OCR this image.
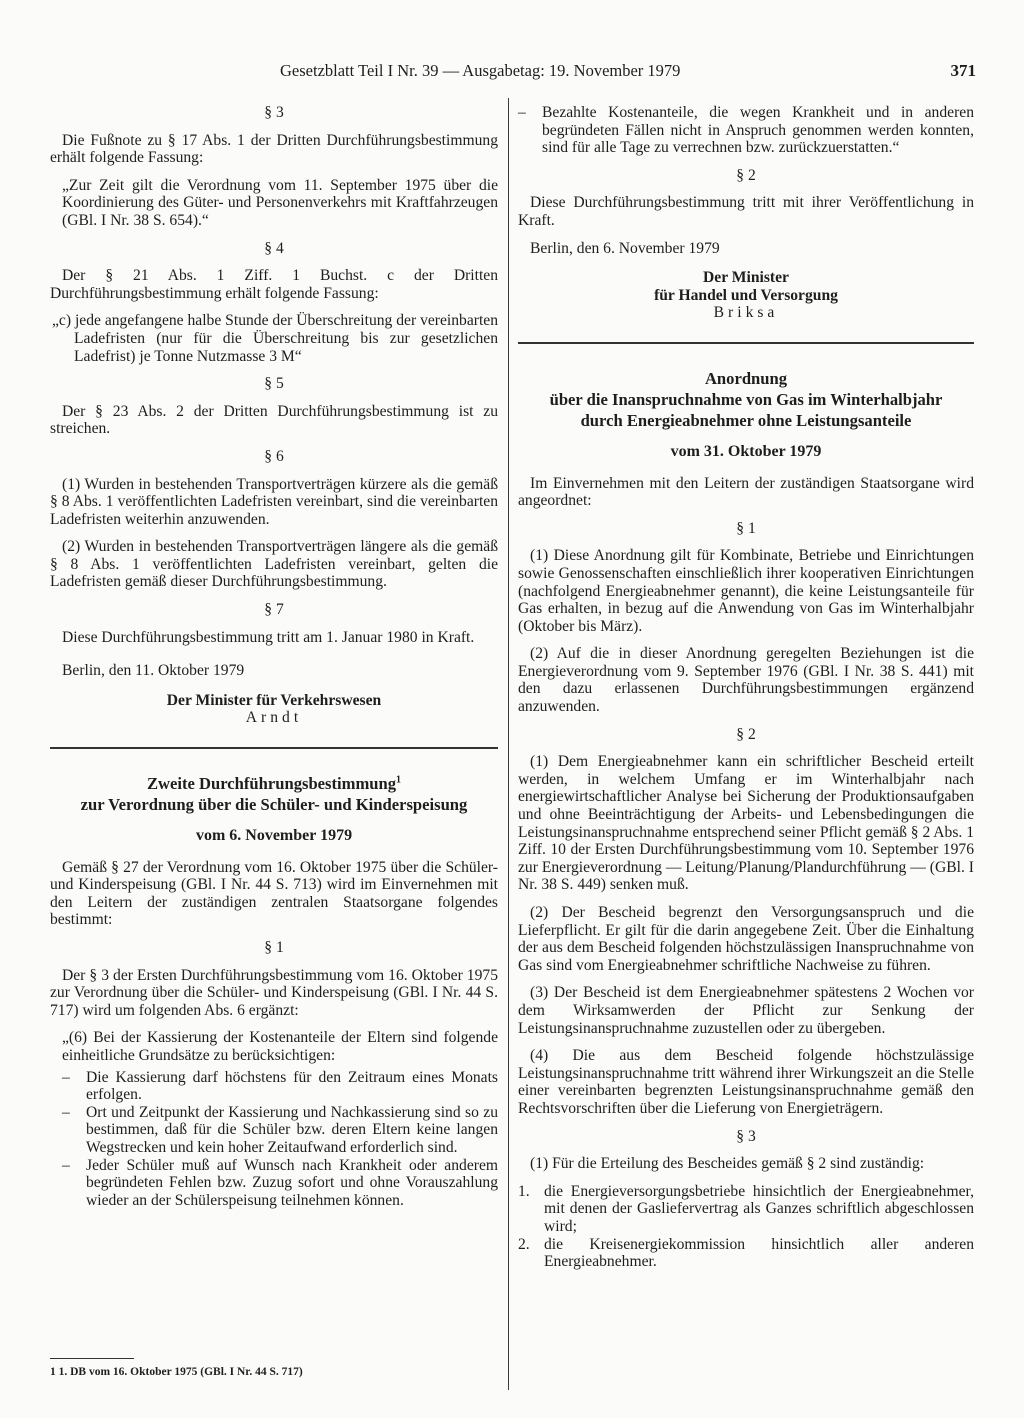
Gesetzblatt Teil I Nr. 39 — Ausgabetag: 19. November 1979	371
§ 3

Die Fußnote zu § 17 Abs. 1 der Dritten Durchführungsbestimmung erhält folgende Fassung:

„Zur Zeit gilt die Verordnung vom 11. September 1975 über die Koordinierung des Güter- und Personenverkehrs mit Kraftfahrzeugen (GBl. I Nr. 38 S. 654).“
§ 4

Der § 21 Abs. 1 Ziff. 1 Buchst. c der Dritten Durchführungsbestimmung erhält folgende Fassung:

„c) jede angefangene halbe Stunde der Überschreitung der vereinbarten Ladefristen (nur für die Überschreitung bis zur gesetzlichen Ladefrist) je Tonne Nutzmasse 3 M“
§ 5

Der § 23 Abs. 2 der Dritten Durchführungsbestimmung ist zu streichen.

§ 6

(1) Wurden in bestehenden Transportverträgen kürzere als die gemäß § 8 Abs. 1 veröffentlichten Ladefristen vereinbart, sind die vereinbarten Ladefristen weiterhin anzuwenden.

(2) Wurden in bestehenden Transportverträgen längere als die gemäß § 8 Abs. 1 veröffentlichten Ladefristen vereinbart, gelten die Ladefristen gemäß dieser Durchführungsbestimmung.

§ 7

Diese Durchführungsbestimmung tritt am 1. Januar 1980 in Kraft.

Berlin, den 11. Oktober 1979

Der Minister für Verkehrswesen
Arndt
Zweite Durchführungsbestimmung$^1$
zur Verordnung über die Schüler- und Kinderspeisung
vom 6. November 1979

Gemäß § 27 der Verordnung vom 16. Oktober 1975 über die Schüler- und Kinderspeisung (GBl. I Nr. 44 S. 713) wird im Einvernehmen mit den Leitern der zuständigen zentralen Staatsorgane folgendes bestimmt:

§ 1

Der § 3 der Ersten Durchführungsbestimmung vom 16. Oktober 1975 zur Verordnung über die Schüler- und Kinderspeisung (GBl. I Nr. 44 S. 717) wird um folgenden Abs. 6 ergänzt:

„(6) Bei der Kassierung der Kostenanteile der Eltern sind folgende einheitliche Grundsätze zu berücksichtigen:
– Die Kassierung darf höchstens für den Zeitraum eines Monats erfolgen.
– Ort und Zeitpunkt der Kassierung und Nachkassierung sind so zu bestimmen, daß für die Schüler bzw. deren Eltern keine langen Wegstrecken und kein hoher Zeitaufwand erforderlich sind.
– Jeder Schüler muß auf Wunsch nach Krankheit oder anderem begründeten Fehlen bzw. Zuzug sofort und ohne Vorauszahlung wieder an der Schülerspeisung teilnehmen können.
1 1. DB vom 16. Oktober 1975 (GBl. I Nr. 44 S. 717)
– Bezahlte Kostenanteile, die wegen Krankheit und in anderen begründeten Fällen nicht in Anspruch genommen werden konnten, sind für alle Tage zu verrechnen bzw. zurückzuerstatten.“
§ 2

Diese Durchführungsbestimmung tritt mit ihrer Veröffentlichung in Kraft.

Berlin, den 6. November 1979

Der Minister
für Handel und Versorgung
Briksa
Anordnung
über die Inanspruchnahme von Gas im Winterhalbjahr
durch Energieabnehmer ohne Leistungsanteile
vom 31. Oktober 1979

Im Einvernehmen mit den Leitern der zuständigen Staatsorgane wird angeordnet:

§ 1

(1) Diese Anordnung gilt für Kombinate, Betriebe und Einrichtungen sowie Genossenschaften einschließlich ihrer kooperativen Einrichtungen (nachfolgend Energieabnehmer genannt), die keine Leistungsanteile für Gas erhalten, in bezug auf die Anwendung von Gas im Winterhalbjahr (Oktober bis März).

(2) Auf die in dieser Anordnung geregelten Beziehungen ist die Energieverordnung vom 9. September 1976 (GBl. I Nr. 38 S. 441) mit den dazu erlassenen Durchführungsbestimmungen ergänzend anzuwenden.

§ 2

(1) Dem Energieabnehmer kann ein schriftlicher Bescheid erteilt werden, in welchem Umfang er im Winterhalbjahr nach energiewirtschaftlicher Analyse bei Sicherung der Produktionsaufgaben und ohne Beeinträchtigung der Arbeits- und Lebensbedingungen die Leistungsinanspruchnahme entsprechend seiner Pflicht gemäß § 2 Abs. 1 Ziff. 10 der Ersten Durchführungsbestimmung vom 10. September 1976 zur Energieverordnung — Leitung/Planung/Plandurchführung — (GBl. I Nr. 38 S. 449) senken muß.

(2) Der Bescheid begrenzt den Versorgungsanspruch und die Lieferpflicht. Er gilt für die darin angegebene Zeit. Über die Einhaltung der aus dem Bescheid folgenden höchstzulässigen Inanspruchnahme von Gas sind vom Energieabnehmer schriftliche Nachweise zu führen.

(3) Der Bescheid ist dem Energieabnehmer spätestens 2 Wochen vor dem Wirksamwerden der Pflicht zur Senkung der Leistungsinanspruchnahme zuzustellen oder zu übergeben.

(4) Die aus dem Bescheid folgende höchstzulässige Leistungsinanspruchnahme tritt während ihrer Wirkungszeit an die Stelle einer vereinbarten begrenzten Leistungsinanspruchnahme gemäß den Rechtsvorschriften über die Lieferung von Energieträgern.

§ 3

(1) Für die Erteilung des Bescheides gemäß § 2 sind zuständig:

1. die Energieversorgungsbetriebe hinsichtlich der Energieabnehmer, mit denen der Gasliefervertrag als Ganzes schriftlich abgeschlossen wird;
2. die Kreisenergiekommission hinsichtlich aller anderen Energieabnehmer.
